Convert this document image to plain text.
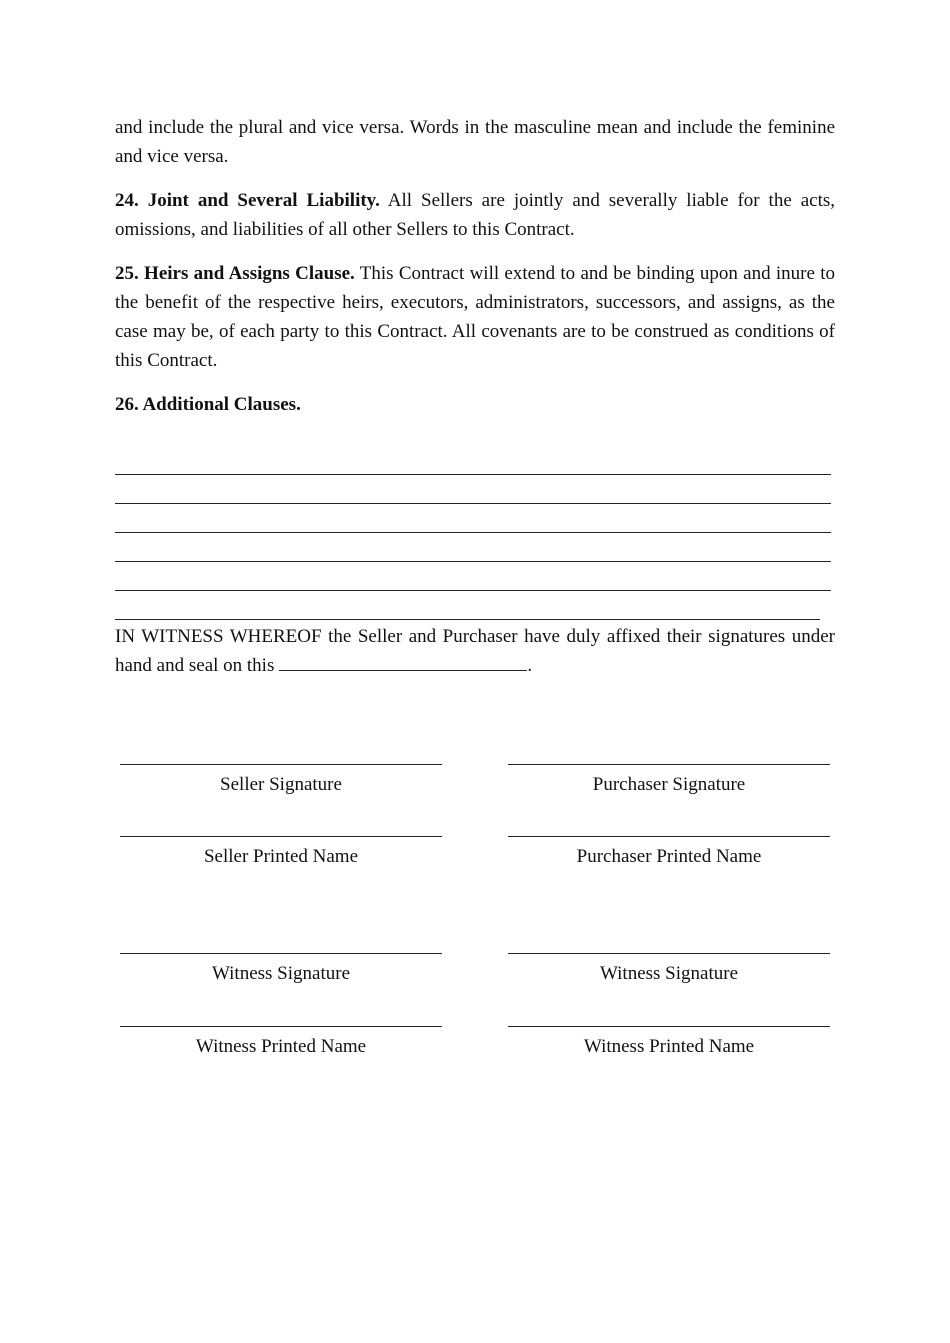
and include the plural and vice versa. Words in the masculine mean and include the feminine and vice versa.

24. Joint and Several Liability. All Sellers are jointly and severally liable for the acts, omissions, and liabilities of all other Sellers to this Contract.

25. Heirs and Assigns Clause. This Contract will extend to and be binding upon and inure to the benefit of the respective heirs, executors, administrators, successors, and assigns, as the case may be, of each party to this Contract. All covenants are to be construed as conditions of this Contract.

26. Additional Clauses.

IN WITNESS WHEREOF the Seller and Purchaser have duly affixed their signatures under hand and seal on this	.
Seller Signature	Purchaser Signature
Seller Printed Name	Purchaser Printed Name
Witness Signature	Witness Signature
Witness Printed Name	Witness Printed Name
